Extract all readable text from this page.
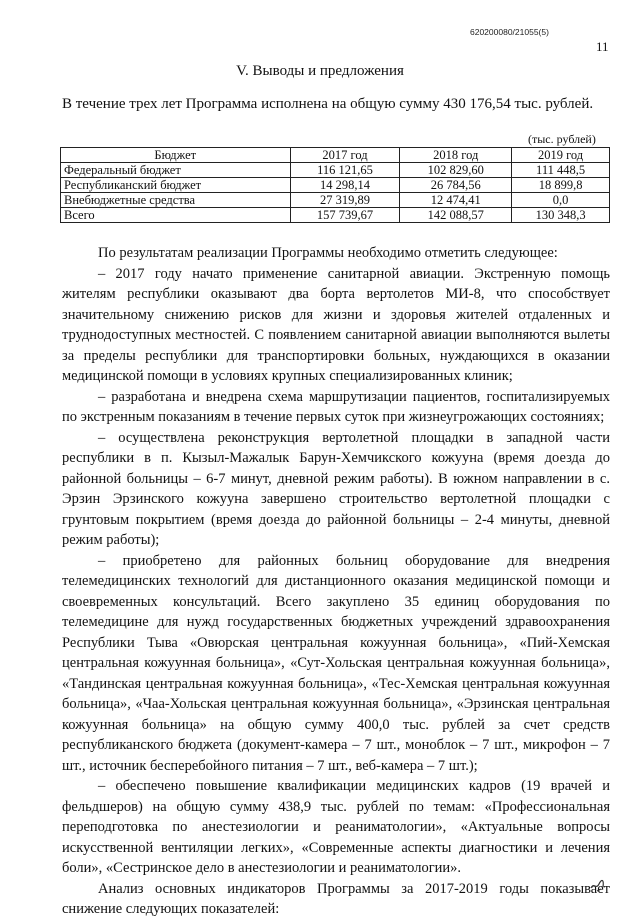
620200080/21055(5)
11
V. Выводы и предложения
В течение трех лет Программа исполнена на общую сумму 430 176,54 тыс. рублей.
(тыс. рублей)
Бюджет	2017 год	2018 год	2019 год
Федеральный бюджет	116 121,65	102 829,60	111 448,5
Республиканский бюджет	14 298,14	26 784,56	18 899,8
Внебюджетные средства	27 319,89	12 474,41	0,0
Всего	157 739,67	142 088,57	130 348,3

По результатам реализации Программы необходимо отметить следующее:

– 2017 году начато применение санитарной авиации. Экстренную помощь жителям республики оказывают два борта вертолетов МИ-8, что способствует значительному снижению рисков для жизни и здоровья жителей отдаленных и труднодоступных местностей. С появлением санитарной авиации выполняются вылеты за пределы республики для транспортировки больных, нуждающихся в оказании медицинской помощи в условиях крупных специализированных клиник;

– разработана и внедрена схема маршрутизации пациентов, госпитализируемых по экстренным показаниям в течение первых суток при жизнеугрожающих состояниях;

– осуществлена реконструкция вертолетной площадки в западной части республики в п. Кызыл-Мажалык Барун-Хемчикского кожууна (время доезда до районной больницы – 6-7 минут, дневной режим работы). В южном направлении в с. Эрзин Эрзинского кожууна завершено строительство вертолетной площадки с грунтовым покрытием (время доезда до районной больницы – 2-4 минуты, дневной режим работы);

– приобретено для районных больниц оборудование для внедрения телемедицинских технологий для дистанционного оказания медицинской помощи и своевременных консультаций. Всего закуплено 35 единиц оборудования по телемедицине для нужд государственных бюджетных учреждений здравоохранения Республики Тыва «Овюрская центральная кожуунная больница», «Пий-Хемская центральная кожуунная больница», «Сут-Хольская центральная кожуунная больница», «Тандинская центральная кожуунная больница», «Тес-Хемская центральная кожуунная больница», «Чаа-Хольская центральная кожуунная больница», «Эрзинская центральная кожуунная больница» на общую сумму 400,0 тыс. рублей за счет средств республиканского бюджета (документ-камера – 7 шт., моноблок – 7 шт., микрофон – 7 шт., источник бесперебойного питания – 7 шт., веб-камера – 7 шт.);

– обеспечено повышение квалификации медицинских кадров (19 врачей и фельдшеров) на общую сумму 438,9 тыс. рублей по темам: «Профессиональная переподготовка по анестезиологии и реаниматологии», «Актуальные вопросы искусственной вентиляции легких», «Современные аспекты диагностики и лечения боли», «Сестринское дело в анестезиологии и реаниматологии».

Анализ основных индикаторов Программы за 2017-2019 годы показывает снижение следующих показателей:
